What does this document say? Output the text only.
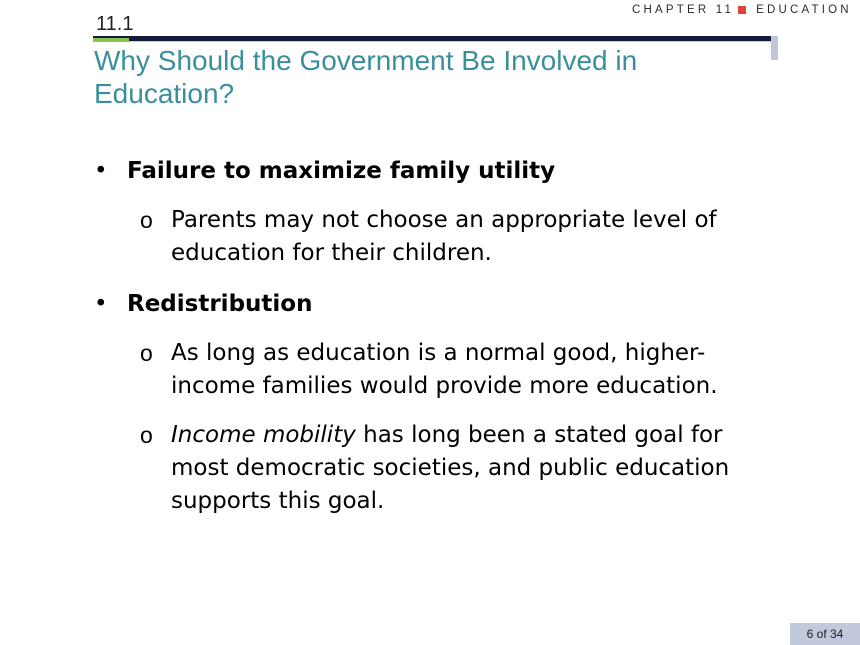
CHAPTER 11 EDUCATION
11.1
Why Should the Government Be Involved in Education?
• Failure to maximize family utility
o Parents may not choose an appropriate level of education for their children.
• Redistribution
o As long as education is a normal good, higher-income families would provide more education.
o Income mobility has long been a stated goal for most democratic societies, and public education supports this goal.
6 of 34
